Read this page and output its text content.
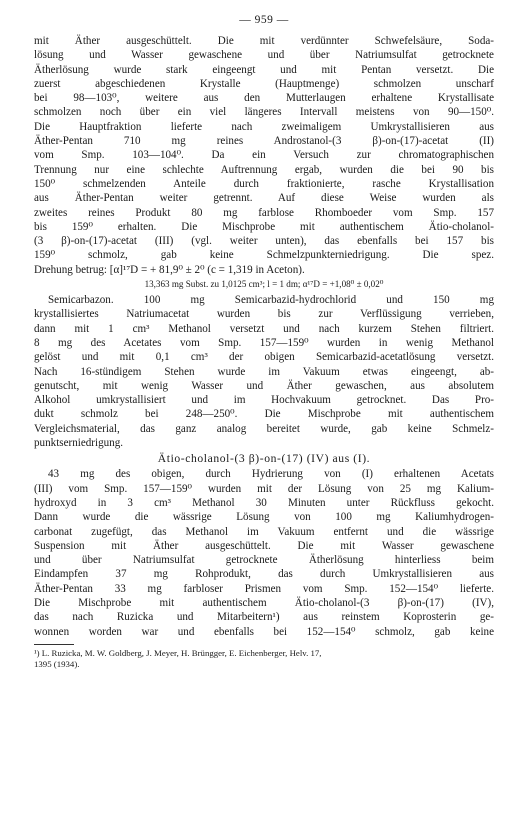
— 959 —
mit Äther ausgeschüttelt. Die mit verdünnter Schwefelsäure, Soda-
lösung und Wasser gewaschene und über Natriumsulfat getrocknete
Ätherlösung wurde stark eingeengt und mit Pentan versetzt. Die
zuerst abgeschiedenen Krystalle (Hauptmenge) schmolzen unscharf
bei 98—103⁰, weitere aus den Mutterlaugen erhaltene Krystallisate
schmolzen noch über ein viel längeres Intervall meistens von 90—150⁰.
Die Hauptfraktion lieferte nach zweimaligem Umkrystallisieren aus
Äther-Pentan 710 mg reines Androstanol-(3 β)-on-(17)-acetat (II)
vom Smp. 103—104⁰. Da ein Versuch zur chromatographischen
Trennung nur eine schlechte Auftrennung ergab, wurden die bei 90 bis
150⁰ schmelzenden Anteile durch fraktionierte, rasche Krystallisation
aus Äther-Pentan weiter getrennt. Auf diese Weise wurden als
zweites reines Produkt 80 mg farblose Rhomboeder vom Smp. 157
bis 159⁰ erhalten. Die Mischprobe mit authentischem Ätio-cholanol-
(3 β)-on-(17)-acetat (III) (vgl. weiter unten), das ebenfalls bei 157 bis
159⁰ schmolz, gab keine Schmelzpunkterniedrigung. Die spez.
Drehung betrug: [α]¹⁷D = + 81,9⁰ ± 2⁰ (c = 1,319 in Aceton).
13,363 mg Subst. zu 1,0125 cm³; l = 1 dm; α¹⁷D = +1,08⁰ ± 0,02⁰
Semicarbazon. 100 mg Semicarbazid-hydrochlorid und 150 mg
krystallisiertes Natriumacetat wurden bis zur Verflüssigung verrieben,
dann mit 1 cm³ Methanol versetzt und nach kurzem Stehen filtriert.
8 mg des Acetates vom Smp. 157—159⁰ wurden in wenig Methanol
gelöst und mit 0,1 cm³ der obigen Semicarbazid-acetatlösung versetzt.
Nach 16-stündigem Stehen wurde im Vakuum etwas eingeengt, ab-
genutscht, mit wenig Wasser und Äther gewaschen, aus absolutem
Alkohol umkrystallisiert und im Hochvakuum getrocknet. Das Pro-
dukt schmolz bei 248—250⁰. Die Mischprobe mit authentischem
Vergleichsmaterial, das ganz analog bereitet wurde, gab keine Schmelz-
punktserniedrigung.
Ätio-cholanol-(3 β)-on-(17) (IV) aus (I).
43 mg des obigen, durch Hydrierung von (I) erhaltenen Acetats
(III) vom Smp. 157—159⁰ wurden mit der Lösung von 25 mg Kalium-
hydroxyd in 3 cm³ Methanol 30 Minuten unter Rückfluss gekocht.
Dann wurde die wässrige Lösung von 100 mg Kaliumhydrogen-
carbonat zugefügt, das Methanol im Vakuum entfernt und die wässrige
Suspension mit Äther ausgeschüttelt. Die mit Wasser gewaschene
und über Natriumsulfat getrocknete Ätherlösung hinterliess beim
Eindampfen 37 mg Rohprodukt, das durch Umkrystallisieren aus
Äther-Pentan 33 mg farbloser Prismen vom Smp. 152—154⁰ lieferte.
Die Mischprobe mit authentischem Ätio-cholanol-(3 β)-on-(17) (IV),
das nach Ruzicka und Mitarbeitern¹) aus reinstem Koprosterin ge-
wonnen worden war und ebenfalls bei 152—154⁰ schmolz, gab keine
¹) L. Ruzicka, M. W. Goldberg, J. Meyer, H. Brüngger, E. Eichenberger, Helv. 17,
1395 (1934).
